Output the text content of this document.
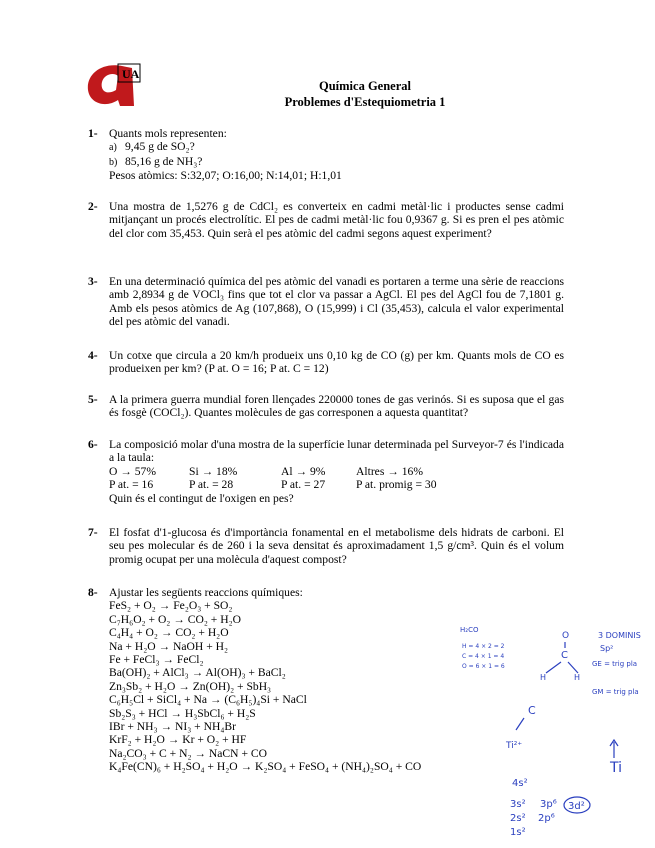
UA
Química General
Problemes d'Estequiometria 1
1- Quants mols representen:
a) 9,45 g de SO₂?
b) 85,16 g de NH₃?
Pesos atòmics: S:32,07; O:16,00; N:14,01; H:1,01
2- Una mostra de 1,5276 g de CdCl₂ es converteix en cadmi metàl·lic i productes sense cadmi mitjançant un procés electrolític. El pes de cadmi metàl·lic fou 0,9367 g. Si es pren el pes atòmic del clor com 35,453. Quin serà el pes atòmic del cadmi segons aquest experiment?
3- En una determinació química del pes atòmic del vanadi es portaren a terme una sèrie de reaccions amb 2,8934 g de VOCl₃ fins que tot el clor va passar a AgCl. El pes del AgCl fou de 7,1801 g. Amb els pesos atòmics de Ag (107,868), O (15,999) i Cl (35,453), calcula el valor experimental del pes atòmic del vanadi.
4- Un cotxe que circula a 20 km/h produeix uns 0,10 kg de CO (g) per km. Quants mols de CO es produeixen per km? (P at. O = 16; P at. C = 12)
5- A la primera guerra mundial foren llençades 220000 tones de gas verinós. Si es suposa que el gas és fosgè (COCl₂). Quantes molècules de gas corresponen a aquesta quantitat?
6- La composició molar d'una mostra de la superfície lunar determinada pel Surveyor-7 és l'indicada a la taula:
O → 57%	Si → 18%	Al → 9%	Altres → 16%
P at. = 16	P at. = 28	P at. = 27	P at. promig = 30
Quin és el contingut de l'oxigen en pes?
7- El fosfat d'1-glucosa és d'importància fonamental en el metabolisme dels hidrats de carboni. El seu pes molecular és de 260 i la seva densitat és aproximadament 1,5 g/cm³. Quin és el volum promig ocupat per una molècula d'aquest compost?
8- Ajustar les següents reaccions químiques:
FeS₂ + O₂ → Fe₂O₃ + SO₂
C₇H₆O₂ + O₂ → CO₂ + H₂O
C₄H₄ + O₂ → CO₂ + H₂O
Na + H₂O → NaOH + H₂
Fe + FeCl₃ → FeCl₂
Ba(OH)₂ + AlCl₃ → Al(OH)₃ + BaCl₂
Zn₃Sb₂ + H₂O → Zn(OH)₂ + SbH₃
C₆H₅Cl + SiCl₄ + Na → (C₆H₅)₄Si + NaCl
Sb₂S₃ + HCl → H₃SbCl₆ + H₂S
IBr + NH₃ → NI₃ + NH₄Br
KrF₂ + H₂O → Kr + O₂ + HF
Na₂CO₃ + C + N₂ → NaCN + CO
K₄Fe(CN)₆ + H₂SO₄ + H₂O → K₂SO₄ + FeSO₄ + (NH₄)₂SO₄ + CO
H₂CO
H = 4 × 2 = 2
C = 4 × 1 = 4
O = 6 × 1 = 6
3 DOMINIS
Sp²
GE = trig pla
GM = trig pla
C
Ti²⁺
Ti
4s²
3s² 3p⁶ 3d²
2s² 2p⁶
1s²
O
C
H	H
